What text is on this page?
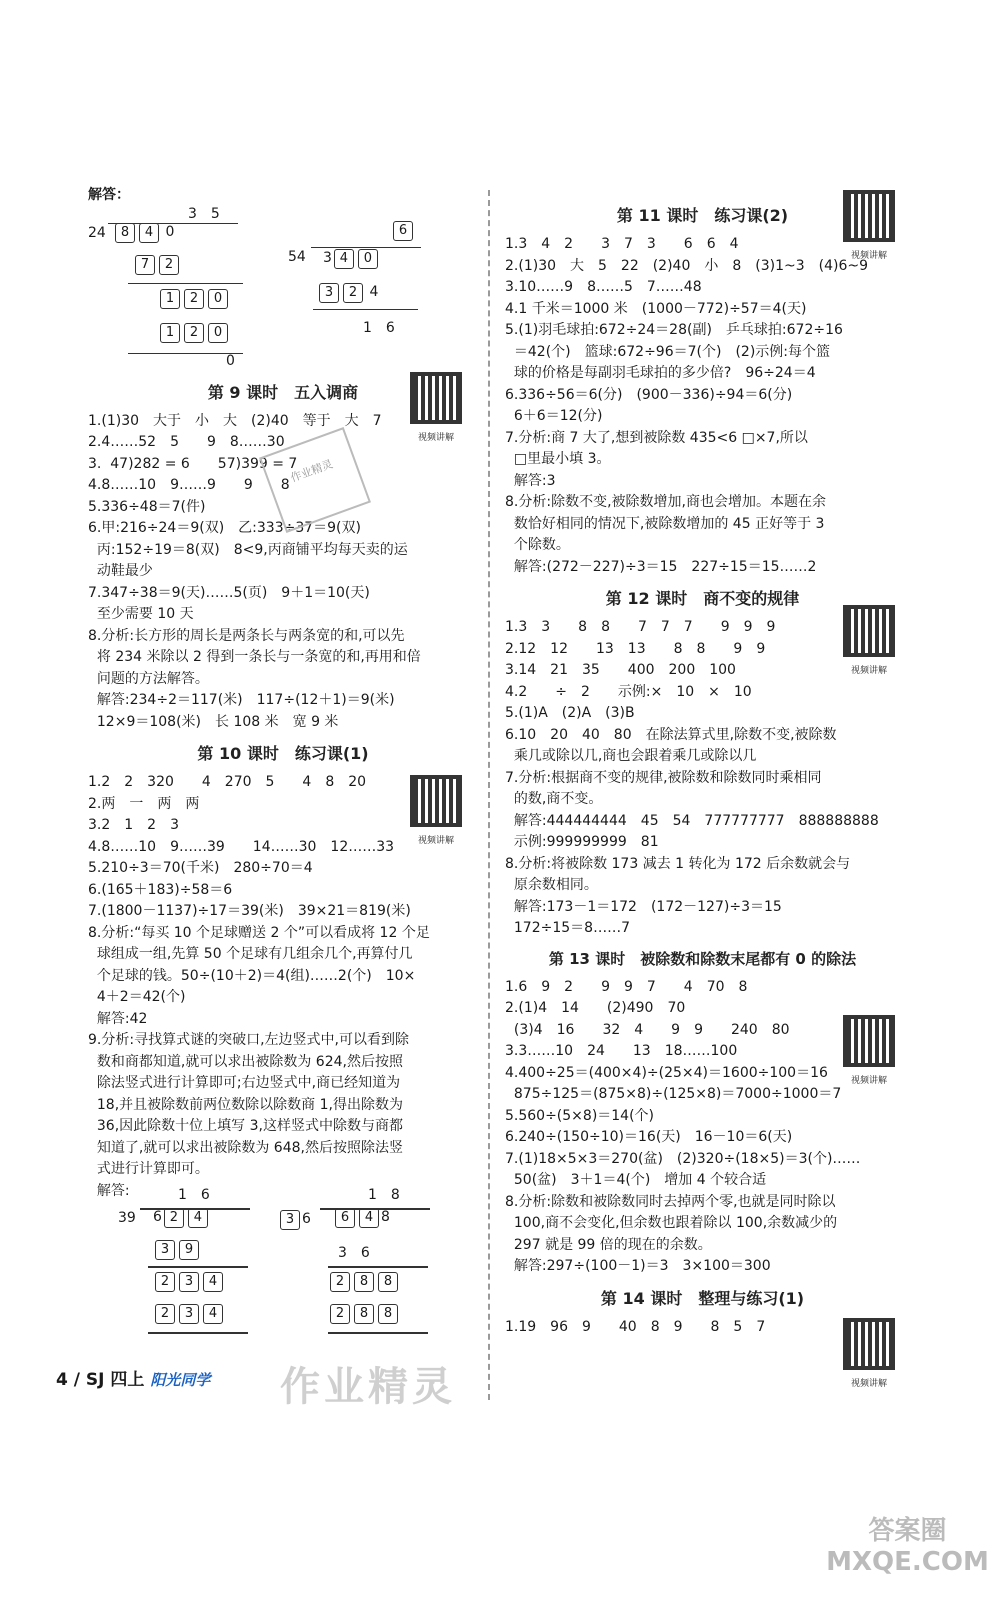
解答：
3　5
24	8 4 0
7 2
1 2 0
1 2 0
0
6
54 3 4 0
3 2 4
1　6
第 9 课时　五入调商
1.(1)30　大于　小　大　(2)40　等于　大　7
2.4……52　5　　9　8……30
3.  47)282 = 6　　57)399 = 7
4.8……10　9……9　　9　　8
5.336÷48＝7(件)
6.甲:216÷24＝9(双)　乙:333÷37＝9(双)
丙:152÷19＝8(双)　8<9,丙商铺平均每天卖的运
动鞋最少
7.347÷38＝9(天)……5(页)　9＋1＝10(天)
至少需要 10 天
8.分析:长方形的周长是两条长与两条宽的和,可以先
将 234 米除以 2 得到一条长与一条宽的和,再用和倍
问题的方法解答。
解答:234÷2＝117(米)　117÷(12＋1)＝9(米)
12×9＝108(米)　长 108 米　宽 9 米
第 10 课时　练习课(1)
1.2　2　320　　4　270　5　　4　8　20
2.两　一　两　两
3.2　1　2　3
4.8……10　9……39　　14……30　12……33
5.210÷3＝70(千米)　280÷70＝4
6.(165＋183)÷58＝6
7.(1800－1137)÷17＝39(米)　39×21＝819(米)
8.分析:“每买 10 个足球赠送 2 个”可以看成将 12 个足
球组成一组,先算 50 个足球有几组余几个,再算付几
个足球的钱。50÷(10＋2)＝4(组)……2(个)　10×
4＋2＝42(个)
解答:42
9.分析:寻找算式谜的突破口,左边竖式中,可以看到除
数和商都知道,就可以求出被除数为 624,然后按照
除法竖式进行计算即可;右边竖式中,商已经知道为
18,并且被除数前两位数除以除数商 1,得出除数为
36,因此除数十位上填写 3,这样竖式中除数与商都
知道了,就可以求出被除数为 648,然后按照除法竖
式进行计算即可。
解答:	1　6
39 6 2 4
3 9
2 3 4
2 3 4
1　8
3 6	6 4 8
3　6
2 8 8
2 8 8
第 11 课时　练习课(2)
1.3　4　2　　3　7　3　　6　6　4
2.(1)30　大　5　22　(2)40　小　8　(3)1~3　(4)6~9
3.10……9　8……5　7……48
4.1 千米＝1000 米　(1000－772)÷57＝4(天)
5.(1)羽毛球拍:672÷24＝28(副)　乒乓球拍:672÷16
＝42(个)　篮球:672÷96＝7(个)　(2)示例:每个篮
球的价格是每副羽毛球拍的多少倍?　96÷24＝4
6.336÷56＝6(分)　(900－336)÷94＝6(分)
6＋6＝12(分)
7.分析:商 7 大了,想到被除数 435<6 □×7,所以
□里最小填 3。
解答:3
8.分析:除数不变,被除数增加,商也会增加。本题在余
数恰好相同的情况下,被除数增加的 45 正好等于 3
个除数。
解答:(272－227)÷3＝15　227÷15＝15……2
第 12 课时　商不变的规律
1.3　3　　8　8　　7　7　7　　9　9　9
2.12　12　　13　13　　8　8　　9　9
3.14　21　35　　400　200　100
4.2　　÷　2　　示例:×　10　×　10
5.(1)A　(2)A　(3)B
6.10　20　40　80　在除法算式里,除数不变,被除数
乘几或除以几,商也会跟着乘几或除以几
7.分析:根据商不变的规律,被除数和除数同时乘相同
的数,商不变。
解答:444444444　45　54　777777777　888888888
示例:999999999　81
8.分析:将被除数 173 减去 1 转化为 172 后余数就会与
原余数相同。
解答:173－1＝172　(172－127)÷3＝15
172÷15＝8……7
第 13 课时　被除数和除数末尾都有 0 的除法
1.6　9　2　　9　9　7　　4　70　8
2.(1)4　14　　(2)490　70
(3)4　16　　32　4　　9　9　　240　80
3.3……10　24　　13　18……100
4.400÷25＝(400×4)÷(25×4)＝1600÷100＝16
875÷125＝(875×8)÷(125×8)＝7000÷1000＝7
5.560÷(5×8)＝14(个)
6.240÷(150÷10)＝16(天)　16－10＝6(天)
7.(1)18×5×3＝270(盆)　(2)320÷(18×5)＝3(个)……
50(盆)　3＋1＝4(个)　增加 4 个较合适
8.分析:除数和被除数同时去掉两个零,也就是同时除以
100,商不会变化,但余数也跟着除以 100,余数减少的
297 就是 99 倍的现在的余数。
解答:297÷(100－1)＝3　3×100＝300
第 14 课时　整理与练习(1)
1.19　96　9　　40　8　9　　8　5　7
视频讲解
视频讲解
视频讲解
视频讲解
视频讲解
视频讲解
作业精灵
4 / SJ 四上 阳光同学 作业精灵
答案圈 MXQE.COM
